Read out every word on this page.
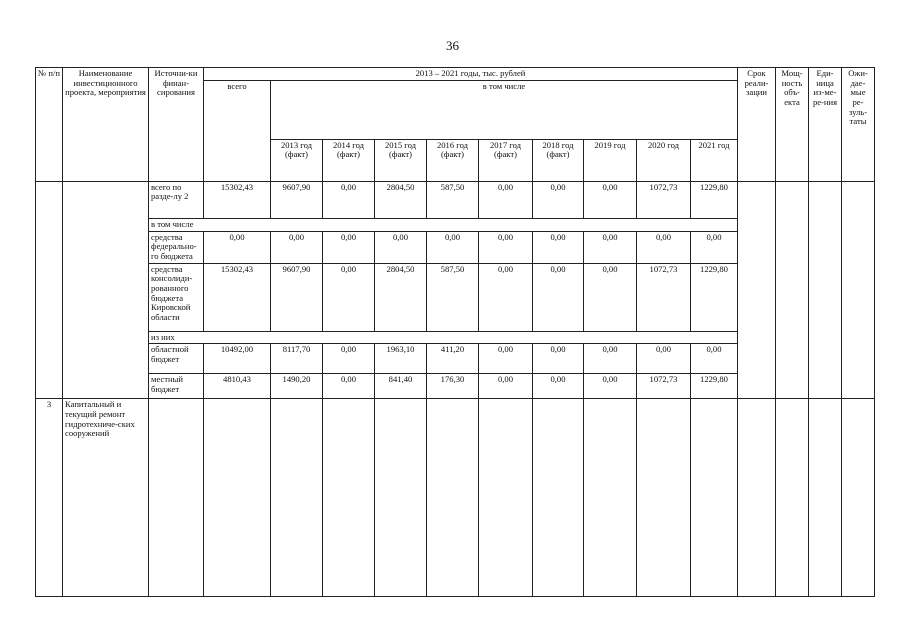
36
№ п/п	Наименование инвестиционного проекта, мероприятия	Источни-ки финан-сирования	2013 – 2021 годы, тыс. рублей										Срок реали-зации	Мощ-ность объ-екта	Еди-ница из-ме-ре-ния	Ожи-дае-мые ре-зуль-таты
			всего	в том числе												
				2013 год (факт)	2014 год (факт)	2015 год (факт)	2016 год (факт)	2017 год (факт)	2018 год (факт)	2019 год	2020 год	2021 год				
		всего по разде-лу 2	15302,43	9607,90	0,00	2804,50	587,50	0,00	0,00	0,00	1072,73	1229,80				
		в том числе														
		средства федерально-го бюджета	0,00	0,00	0,00	0,00	0,00	0,00	0,00	0,00	0,00	0,00				
		средства консолиди-рованного бюджета Кировской области	15302,43	9607,90	0,00	2804,50	587,50	0,00	0,00	0,00	1072,73	1229,80				
		из них														
		областной бюджет	10492,00	8117,70	0,00	1963,10	411,20	0,00	0,00	0,00	0,00	0,00				
		местный бюджет	4810,43	1490,20	0,00	841,40	176,30	0,00	0,00	0,00	1072,73	1229,80				
3	Капитальный и текущий ремонт гидротехниче-ских сооружений															
